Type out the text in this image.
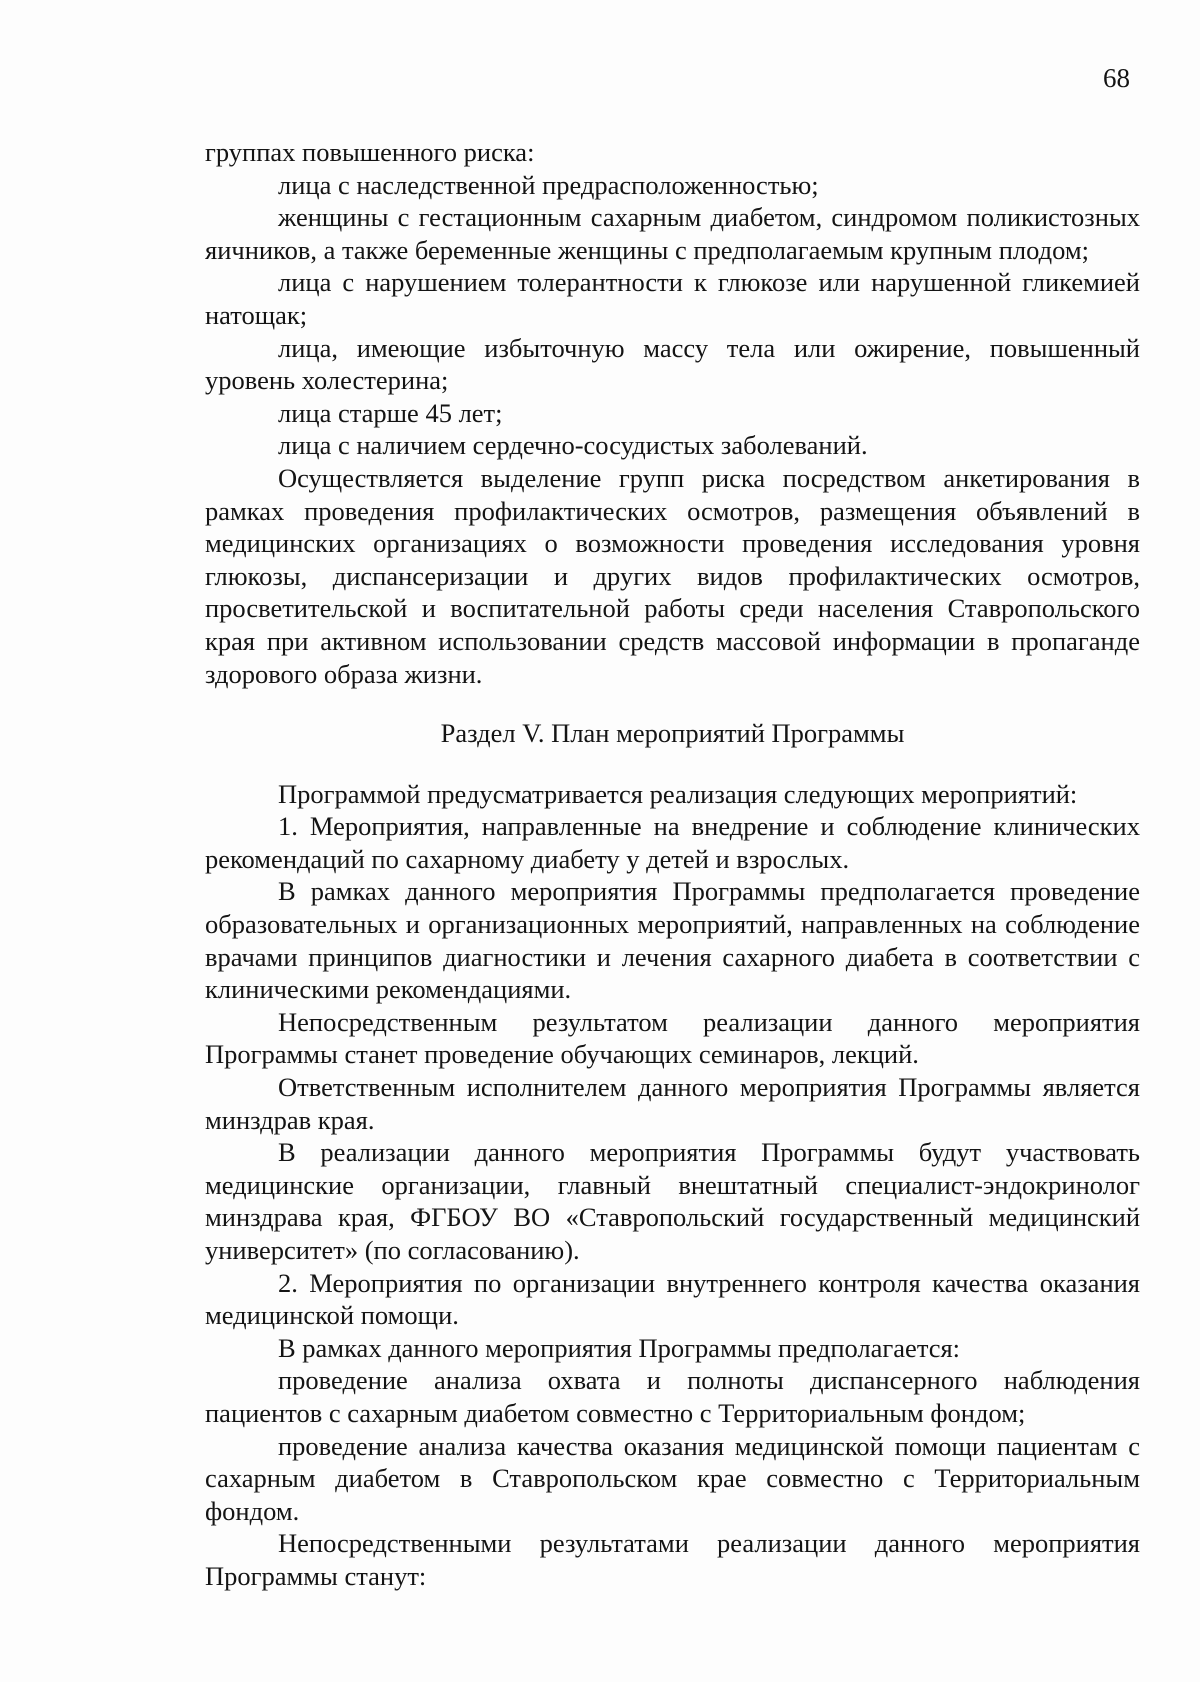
68

группах повышенного риска:

лица с наследственной предрасположенностью;

женщины с гестационным сахарным диабетом, синдромом поликистозных яичников, а также беременные женщины с предполагаемым крупным плодом;

лица с нарушением толерантности к глюкозе или нарушенной гликемией натощак;

лица, имеющие избыточную массу тела или ожирение, повышенный уровень холестерина;

лица старше 45 лет;

лица с наличием сердечно-сосудистых заболеваний.

Осуществляется выделение групп риска посредством анкетирования в рамках проведения профилактических осмотров, размещения объявлений в медицинских организациях о возможности проведения исследования уровня глюкозы, диспансеризации и других видов профилактических осмотров, просветительской и воспитательной работы среди населения Ставропольского края при активном использовании средств массовой информации в пропаганде здорового образа жизни.

Раздел V. План мероприятий Программы

Программой предусматривается реализация следующих мероприятий:

1. Мероприятия, направленные на внедрение и соблюдение клинических рекомендаций по сахарному диабету у детей и взрослых.

В рамках данного мероприятия Программы предполагается проведение образовательных и организационных мероприятий, направленных на соблюдение врачами принципов диагностики и лечения сахарного диабета в соответствии с клиническими рекомендациями.

Непосредственным результатом реализации данного мероприятия Программы станет проведение обучающих семинаров, лекций.

Ответственным исполнителем данного мероприятия Программы является минздрав края.

В реализации данного мероприятия Программы будут участвовать медицинские организации, главный внештатный специалист-эндокринолог минздрава края, ФГБОУ ВО «Ставропольский государственный медицинский университет» (по согласованию).

2. Мероприятия по организации внутреннего контроля качества оказания медицинской помощи.

В рамках данного мероприятия Программы предполагается:

проведение анализа охвата и полноты диспансерного наблюдения пациентов с сахарным диабетом совместно с Территориальным фондом;

проведение анализа качества оказания медицинской помощи пациентам с сахарным диабетом в Ставропольском крае совместно с Территориальным фондом.

Непосредственными результатами реализации данного мероприятия Программы станут:
